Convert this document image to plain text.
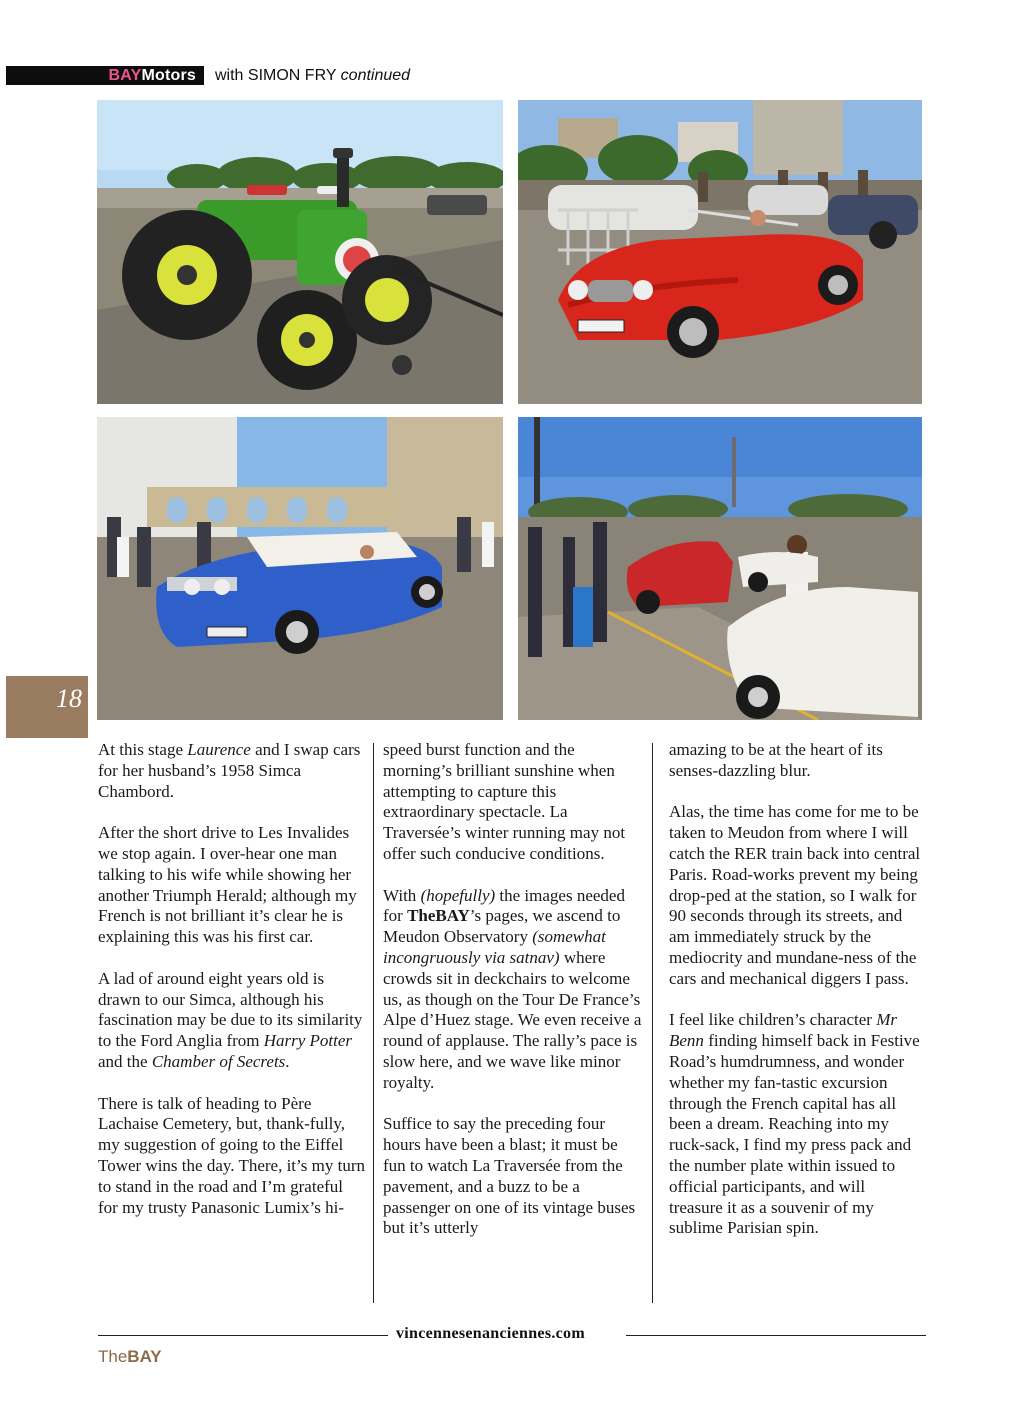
BAYMotors with SIMON FRY continued
18

At this stage Laurence and I swap cars for her husband’s 1958 Simca Chambord.

After the short drive to Les Invalides we stop again. I over-hear one man talking to his wife while showing her another Triumph Herald; although my French is not brilliant it’s clear he is explaining this was his first car.

A lad of around eight years old is drawn to our Simca, although his fascination may be due to its similarity to the Ford Anglia from Harry Potter and the Chamber of Secrets.

There is talk of heading to Père Lachaise Cemetery, but, thank-fully, my suggestion of going to the Eiffel Tower wins the day. There, it’s my turn to stand in the road and I’m grateful for my trusty Panasonic Lumix’s hi-

speed burst function and the morning’s brilliant sunshine when attempting to capture this extraordinary spectacle. La Traversée’s winter running may not offer such conducive conditions.

With (hopefully) the images needed for TheBAY’s pages, we ascend to Meudon Observatory (somewhat incongruously via satnav) where crowds sit in deckchairs to welcome us, as though on the Tour De France’s Alpe d’Huez stage. We even receive a round of applause. The rally’s pace is slow here, and we wave like minor royalty.

Suffice to say the preceding four hours have been a blast; it must be fun to watch La Traversée from the pavement, and a buzz to be a passenger on one of its vintage buses but it’s utterly

amazing to be at the heart of its senses-dazzling blur.

Alas, the time has come for me to be taken to Meudon from where I will catch the RER train back into central Paris. Road-works prevent my being drop-ped at the station, so I walk for 90 seconds through its streets, and am immediately struck by the mediocrity and mundane-ness of the cars and mechanical diggers I pass.

I feel like children’s character Mr Benn finding himself back in Festive Road’s humdrumness, and wonder whether my fan-tastic excursion through the French capital has all been a dream. Reaching into my ruck-sack, I find my press pack and the number plate within issued to official participants, and will treasure it as a souvenir of my sublime Parisian spin.

vincennesenanciennes.com
TheBAY
